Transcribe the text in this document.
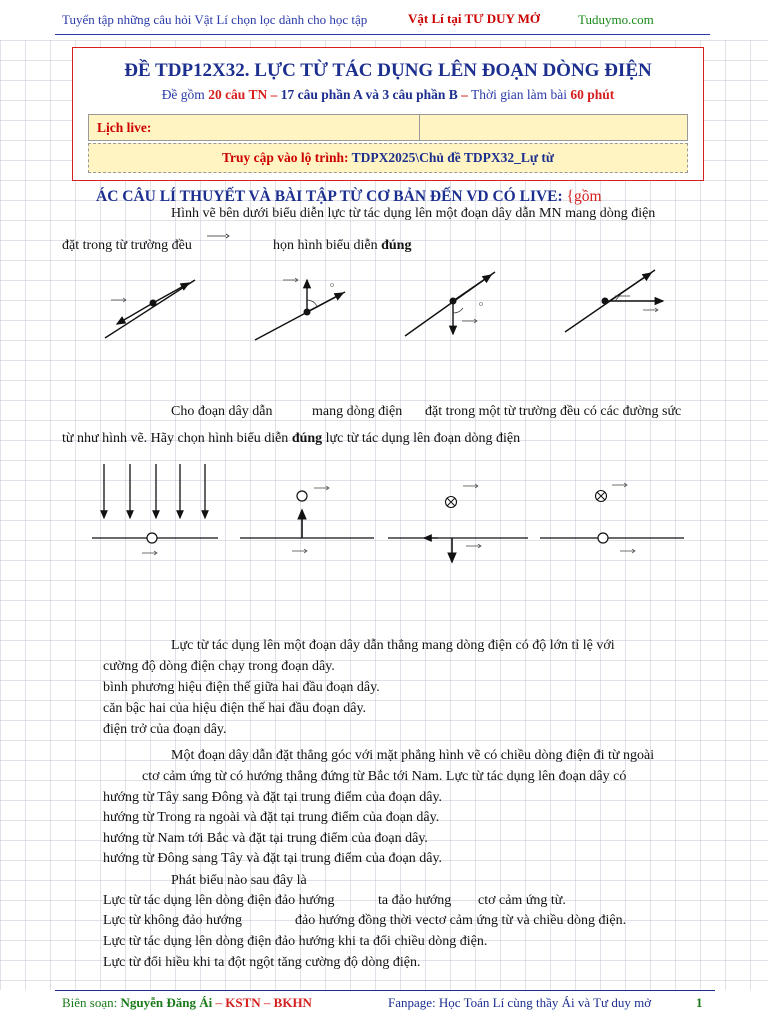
Tuyển tập những câu hỏi Vật Lí chọn lọc dành cho học tập	Vật Lí tại TƯ DUY MỞ	Tuduymo.com
ĐỀ TDP12X32. LỰC TỪ TÁC DỤNG LÊN ĐOẠN DÒNG ĐIỆN
Đề gồm 20 câu TN – 17 câu phần A và 3 câu phần B – Thời gian làm bài 60 phút
Lịch live:
Truy cập vào lộ trình: TDPX2025\Chủ đề TDPX32_Lự từ
ÁC CÂU LÍ THUYẾT VÀ BÀI TẬP TỪ CƠ BẢN ĐẾN VD CÓ LIVE: {gồm
Hình vẽ bên dưới biểu diễn lực từ tác dụng lên một đoạn dây dẫn MN mang dòng điện
đặt trong từ trường đều	họn hình biểu diễn đúng
Cho đoạn dây dẫn	mang dòng điện đặt trong một từ trường đều có các đường sức
từ như hình vẽ. Hãy chọn hình biểu diễn đúng lực từ tác dụng lên đoạn dòng điện
Lực từ tác dụng lên một đoạn dây dẫn thẳng mang dòng điện có độ lớn tỉ lệ với
cường độ dòng điện chạy trong đoạn dây.
bình phương hiệu điện thế giữa hai đầu đoạn dây.
căn bậc hai của hiệu điện thế hai đầu đoạn dây.
điện trở của đoạn dây.
Một đoạn dây dẫn đặt thẳng góc với mặt phẳng hình vẽ có chiều dòng điện đi từ ngoài
ctơ cảm ứng từ có hướng thẳng đứng từ Bắc tới Nam. Lực từ tác dụng lên đoạn dây có
hướng từ Tây sang Đông và đặt tại trung điểm của đoạn dây.
hướng từ Trong ra ngoài và đặt tại trung điểm của đoạn dây.
hướng từ Nam tới Bắc và đặt tại trung điểm của đoạn dây.
hướng từ Đông sang Tây và đặt tại trung điểm của đoạn dây.
Phát biểu nào sau đây là
Lực từ tác dụng lên dòng điện đảo hướng	ta đảo hướng ctơ cảm ứng từ.
Lực từ không đảo hướng	đảo hướng đồng thời vectơ cảm ứng từ và chiều dòng điện.
Lực từ tác dụng lên dòng điện đảo hướng khi ta đổi chiều dòng điện.
Lực từ đổi hiều khi ta đột ngột tăng cường độ dòng điện.
Biên soạn: Nguyễn Đăng Ái – KSTN – BKHN	Fanpage: Học Toán Lí cùng thầy Ái và Tư duy mở	1
